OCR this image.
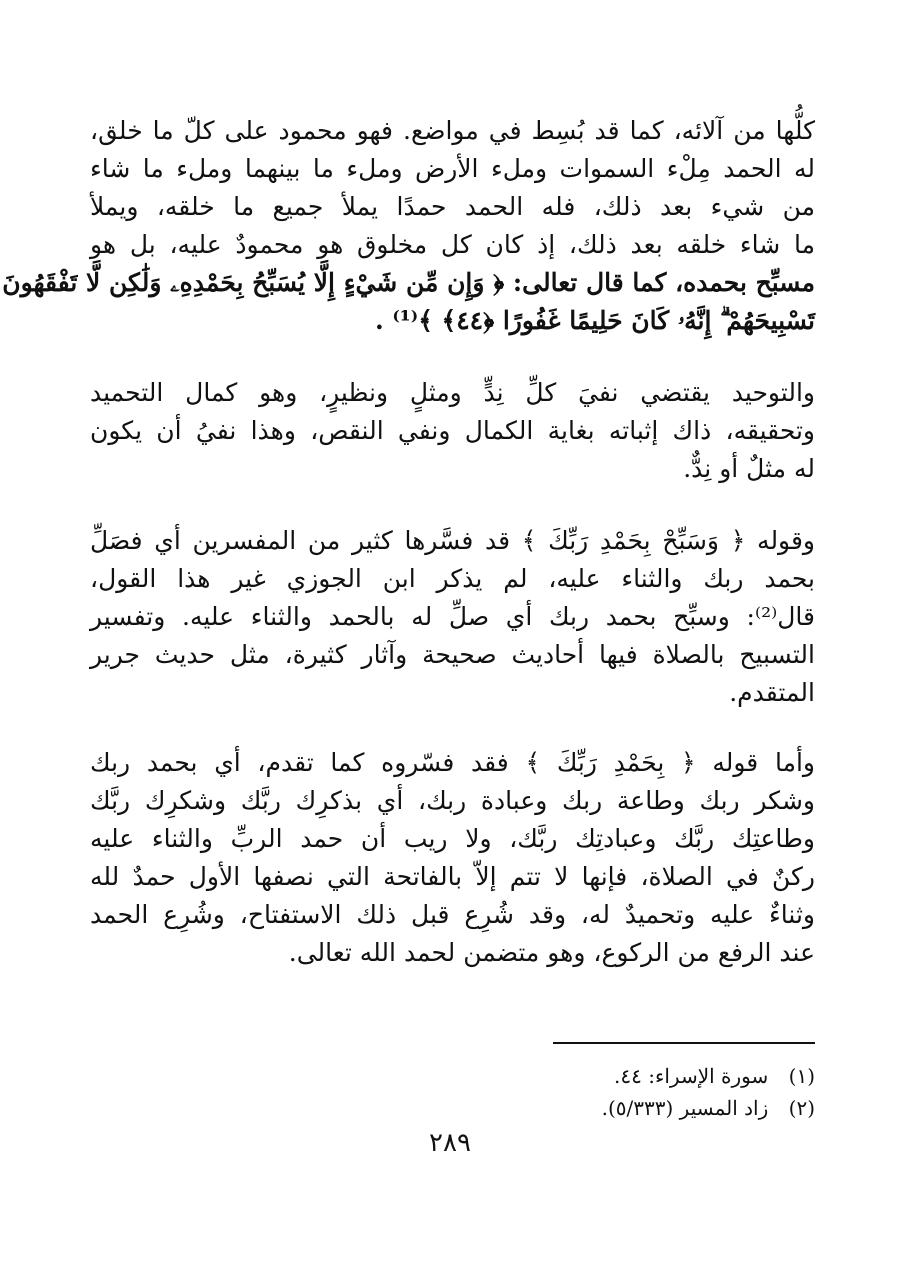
كلُّها من آلائه، كما قد بُسِط في مواضع. فهو محمود على كلّ ما خلق،
له الحمد مِلْء السموات وملء الأرض وملء ما بينهما وملء ما شاء
من شيء بعد ذلك، فله الحمد حمدًا يملأ جميع ما خلقه، ويملأ
ما شاء خلقه بعد ذلك، إذ كان كل مخلوق هو محمودٌ عليه، بل هو
مسبِّح بحمده، كما قال تعالى: ﴿ وَإِن مِّن شَيْءٍ إِلَّا يُسَبِّحُ بِحَمْدِهِۦ وَلَٰكِن لَّا تَفْقَهُونَ
تَسْبِيحَهُمْ ۗ إِنَّهُۥ كَانَ حَلِيمًا غَفُورًا ﴿٤٤﴾ ﴾⁽¹⁾ .

والتوحيد يقتضي نفيَ كلِّ نِدٍّ ومثلٍ ونظيرٍ، وهو كمال التحميد
وتحقيقه، ذاك إثباته بغاية الكمال ونفي النقص، وهذا نفيُ أن يكون
له مثلٌ أو نِدٌّ.

وقوله ﴿ وَسَبِّحْ بِحَمْدِ رَبِّكَ ﴾ قد فسَّرها كثير من المفسرين أي فصَلِّ
بحمد ربك والثناء عليه، لم يذكر ابن الجوزي غير هذا القول،
قال⁽²⁾: وسبِّح بحمد ربك أي صلِّ له بالحمد والثناء عليه. وتفسير
التسبيح بالصلاة فيها أحاديث صحيحة وآثار كثيرة، مثل حديث جرير
المتقدم.

وأما قوله ﴿ بِحَمْدِ رَبِّكَ ﴾ فقد فسّروه كما تقدم، أي بحمد ربك
وشكر ربك وطاعة ربك وعبادة ربك، أي بذكرِك ربَّك وشكرِك ربَّك
وطاعتِك ربَّك وعبادتِك ربَّك، ولا ريب أن حمد الربِّ والثناء عليه
ركنٌ في الصلاة، فإنها لا تتم إلاّ بالفاتحة التي نصفها الأول حمدٌ لله
وثناءٌ عليه وتحميدٌ له، وقد شُرِع قبل ذلك الاستفتاح، وشُرِع الحمد
عند الرفع من الركوع، وهو متضمن لحمد الله تعالى.

(١) سورة الإسراء: ٤٤.
(٢) زاد المسير (٥/٣٣٣).
٢٨٩
